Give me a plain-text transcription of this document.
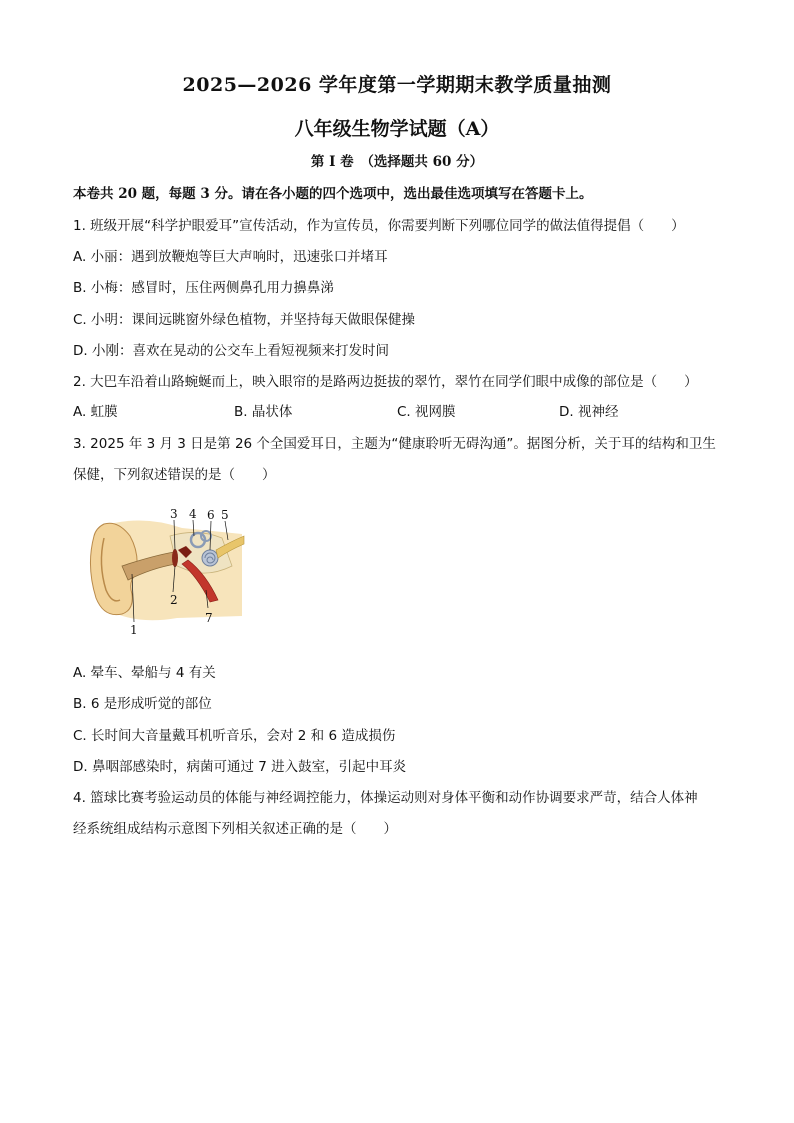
2025—2026 学年度第一学期期末教学质量抽测
八年级生物学试题（A）
第 I 卷　（选择题共 60 分）
本卷共 20 题，每题 3 分。请在各小题的四个选项中，选出最佳选项填写在答题卡上。
1. 班级开展“科学护眼爱耳”宣传活动，作为宣传员，你需要判断下列哪位同学的做法值得提倡（　　）
A. 小丽：遇到放鞭炮等巨大声响时，迅速张口并堵耳
B. 小梅：感冒时，压住两侧鼻孔用力擤鼻涕
C. 小明：课间远眺窗外绿色植物，并坚持每天做眼保健操
D. 小刚：喜欢在晃动的公交车上看短视频来打发时间
2. 大巴车沿着山路蜿蜒而上，映入眼帘的是路两边挺拔的翠竹，翠竹在同学们眼中成像的部位是（　　）
A. 虹膜	B. 晶状体	C. 视网膜	D. 视神经
3. 2025 年 3 月 3 日是第 26 个全国爱耳日，主题为“健康聆听无碍沟通”。据图分析，关于耳的结构和卫生
保健，下列叙述错误的是（　　）
3 4 6 5
2
7
1
A. 晕车、晕船与 4 有关
B. 6 是形成听觉的部位
C. 长时间大音量戴耳机听音乐，会对 2 和 6 造成损伤
D. 鼻咽部感染时，病菌可通过 7 进入鼓室，引起中耳炎
4. 篮球比赛考验运动员的体能与神经调控能力，体操运动则对身体平衡和动作协调要求严苛，结合人体神
经系统组成结构示意图下列相关叙述正确的是（　　）
